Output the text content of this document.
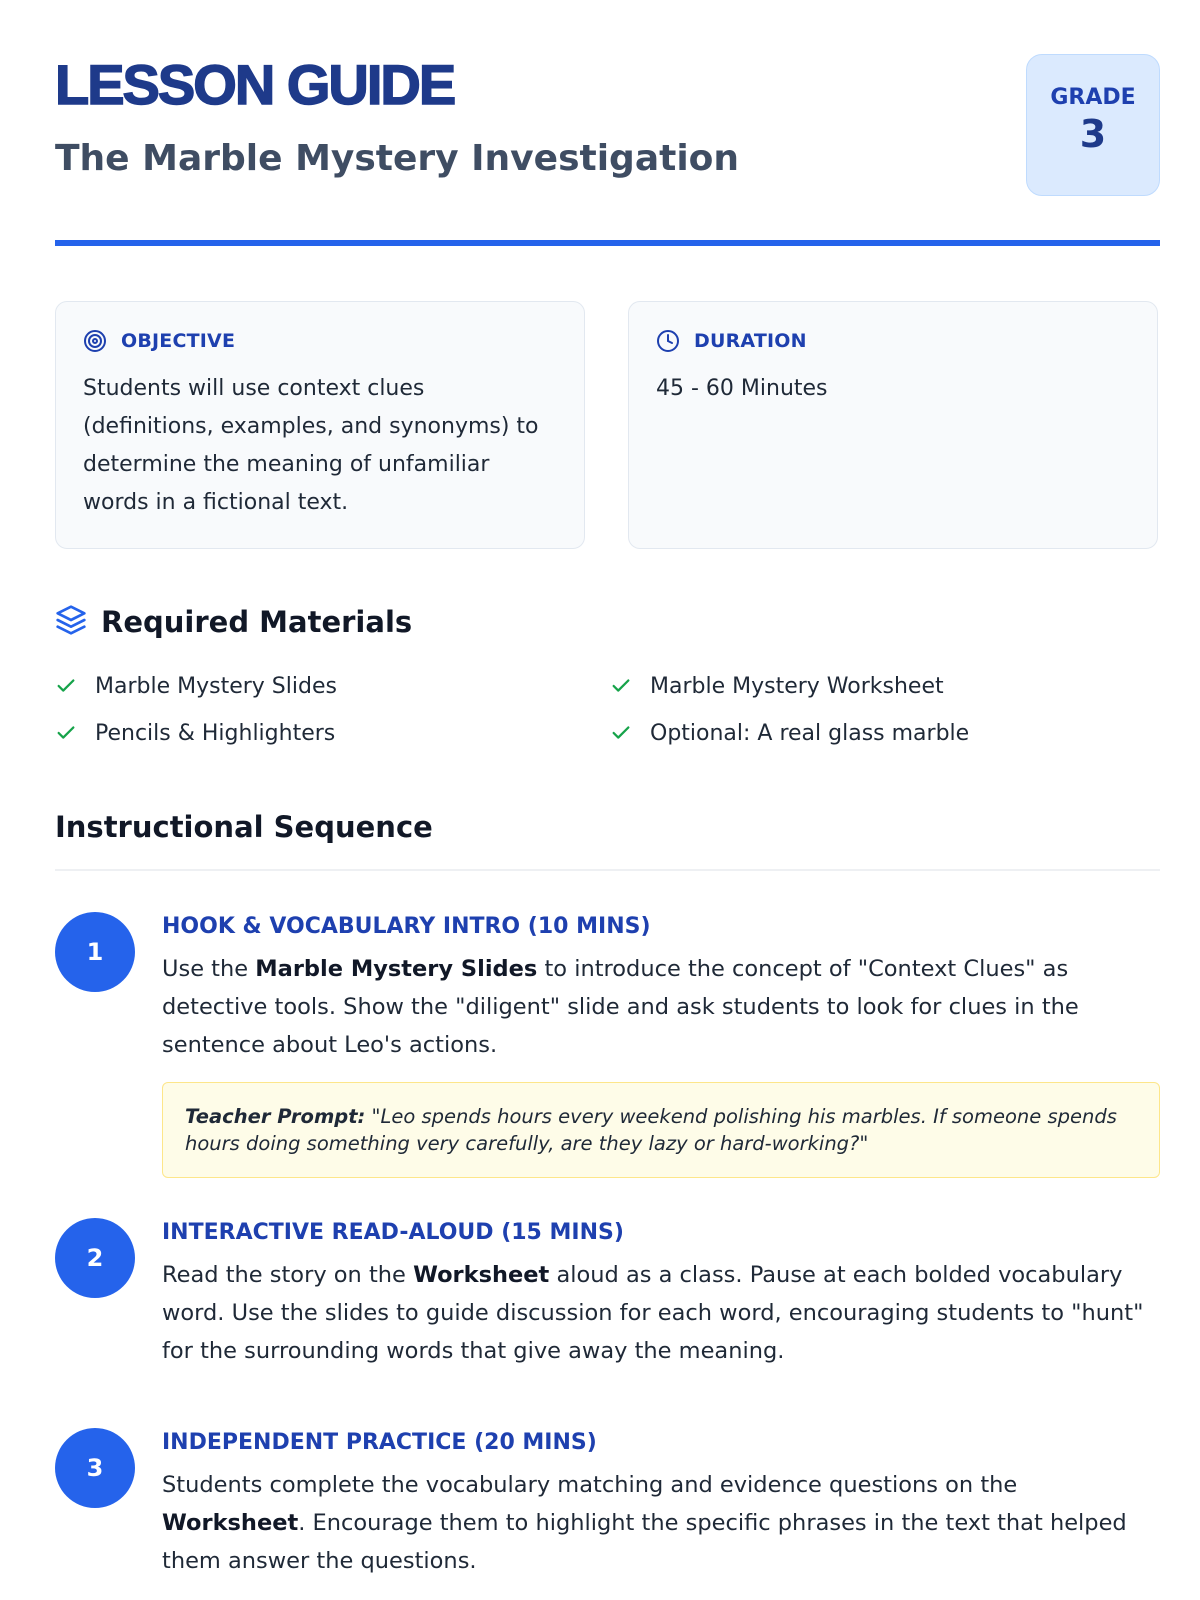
LESSON GUIDE
The Marble Mystery Investigation
GRADE
3
OBJECTIVE
Students will use context clues (definitions, examples, and synonyms) to determine the meaning of unfamiliar words in a fictional text.
DURATION
45 - 60 Minutes
Required Materials
Marble Mystery Slides	Marble Mystery Worksheet
Pencils & Highlighters	Optional: A real glass marble
Instructional Sequence
1
HOOK & VOCABULARY INTRO (10 MINS)

Use the Marble Mystery Slides to introduce the concept of "Context Clues" as detective tools. Show the "diligent" slide and ask students to look for clues in the sentence about Leo's actions.

Teacher Prompt: "Leo spends hours every weekend polishing his marbles. If someone spends hours doing something very carefully, are they lazy or hard-working?"
2
INTERACTIVE READ-ALOUD (15 MINS)

Read the story on the Worksheet aloud as a class. Pause at each bolded vocabulary word. Use the slides to guide discussion for each word, encouraging students to "hunt" for the surrounding words that give away the meaning.

3
INDEPENDENT PRACTICE (20 MINS)

Students complete the vocabulary matching and evidence questions on the Worksheet. Encourage them to highlight the specific phrases in the text that helped them answer the questions.
